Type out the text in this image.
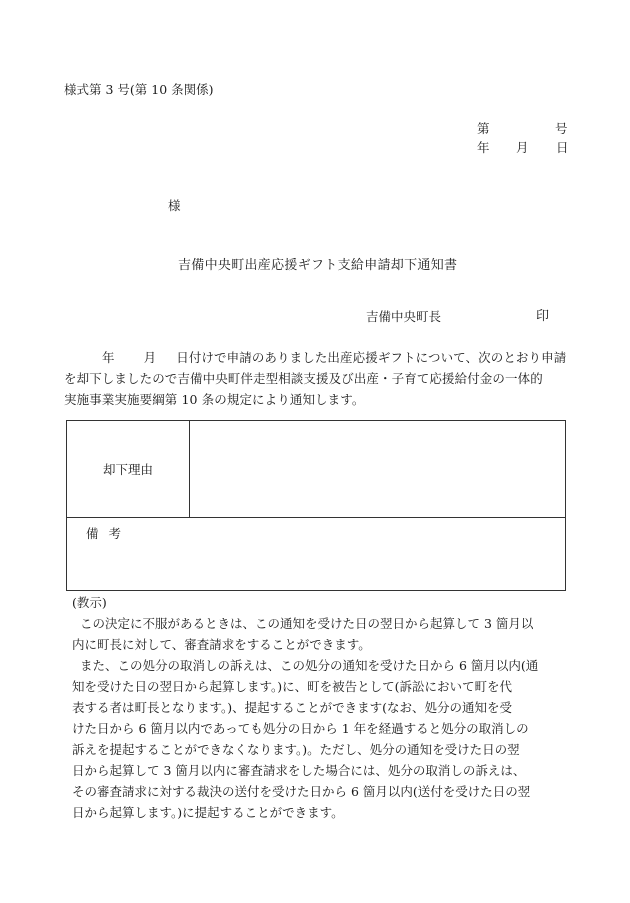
様式第 3 号(第 10 条関係)
第	号
年 月 日
様
吉備中央町出産応援ギフト支給申請却下通知書
吉備中央町長	印
年 月 日付けで申請のありました出産応援ギフトについて、次のとおり申請
を却下しましたので吉備中央町伴走型相談支援及び出産・子育て応援給付金の一体的
実施事業実施要綱第 10 条の規定により通知します。
却下理由
備考
(教示)
この決定に不服があるときは、この通知を受けた日の翌日から起算して 3 箇月以
内に町長に対して、審査請求をすることができます。
また、この処分の取消しの訴えは、この処分の通知を受けた日から 6 箇月以内(通
知を受けた日の翌日から起算します。)に、町を被告として(訴訟において町を代
表する者は町長となります。)、提起することができます(なお、処分の通知を受
けた日から 6 箇月以内であっても処分の日から 1 年を経過すると処分の取消しの
訴えを提起することができなくなります。)。ただし、処分の通知を受けた日の翌
日から起算して 3 箇月以内に審査請求をした場合には、処分の取消しの訴えは、
その審査請求に対する裁決の送付を受けた日から 6 箇月以内(送付を受けた日の翌
日から起算します。)に提起することができます。
